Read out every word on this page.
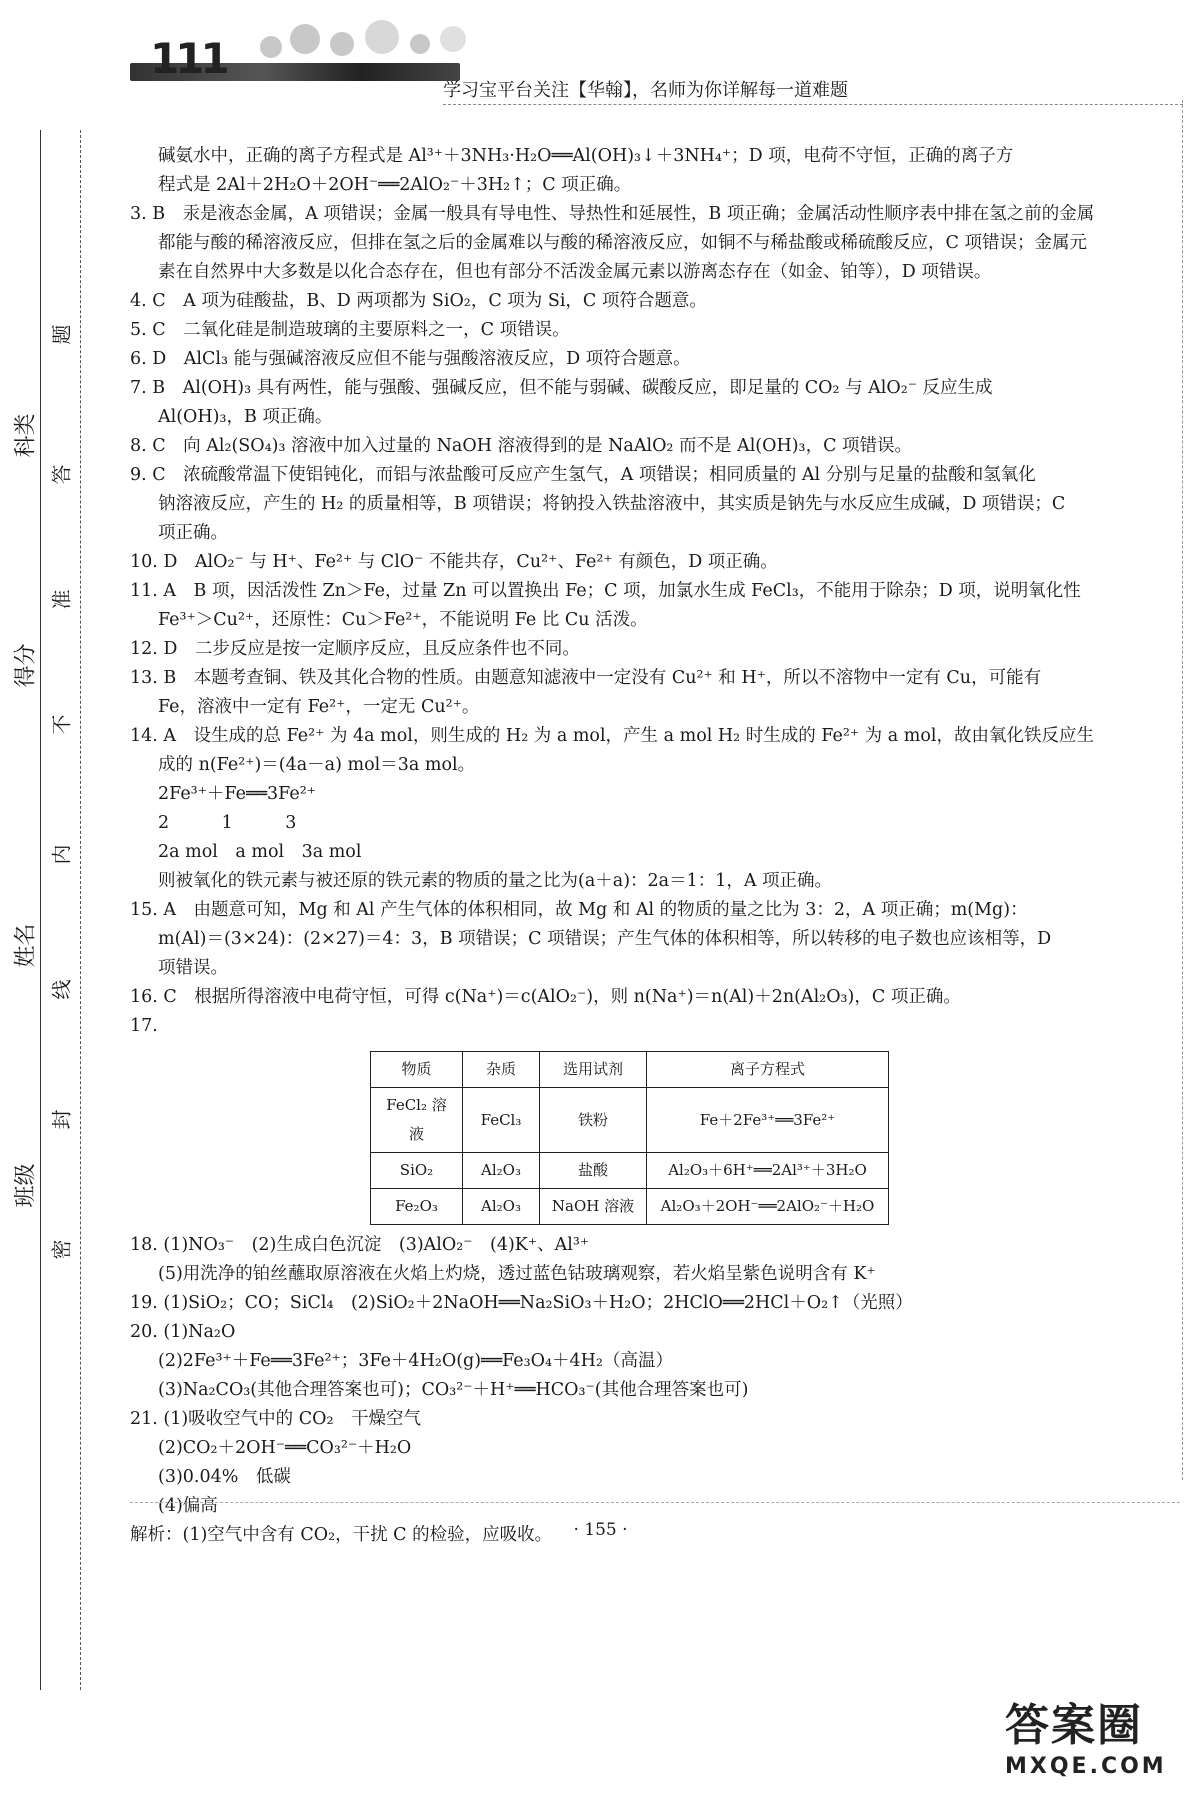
111
学习宝平台关注【华翰】，名师为你详解每一道难题
科类
得分
姓名
班级
题
答
准
不
内
线
封
密

碱氨水中，正确的离子方程式是 Al³⁺＋3NH₃·H₂O══Al(OH)₃↓＋3NH₄⁺；D 项，电荷不守恒，正确的离子方

程式是 2Al＋2H₂O＋2OH⁻══2AlO₂⁻＋3H₂↑；C 项正确。

3. B　汞是液态金属，A 项错误；金属一般具有导电性、导热性和延展性，B 项正确；金属活动性顺序表中排在氢之前的金属

都能与酸的稀溶液反应，但排在氢之后的金属难以与酸的稀溶液反应，如铜不与稀盐酸或稀硫酸反应，C 项错误；金属元

素在自然界中大多数是以化合态存在，但也有部分不活泼金属元素以游离态存在（如金、铂等），D 项错误。

4. C　A 项为硅酸盐，B、D 两项都为 SiO₂，C 项为 Si，C 项符合题意。

5. C　二氧化硅是制造玻璃的主要原料之一，C 项错误。

6. D　AlCl₃ 能与强碱溶液反应但不能与强酸溶液反应，D 项符合题意。

7. B　Al(OH)₃ 具有两性，能与强酸、强碱反应，但不能与弱碱、碳酸反应，即足量的 CO₂ 与 AlO₂⁻ 反应生成

Al(OH)₃，B 项正确。

8. C　向 Al₂(SO₄)₃ 溶液中加入过量的 NaOH 溶液得到的是 NaAlO₂ 而不是 Al(OH)₃，C 项错误。

9. C　浓硫酸常温下使铝钝化，而铝与浓盐酸可反应产生氢气，A 项错误；相同质量的 Al 分别与足量的盐酸和氢氧化

钠溶液反应，产生的 H₂ 的质量相等，B 项错误；将钠投入铁盐溶液中，其实质是钠先与水反应生成碱，D 项错误；C

项正确。

10. D　AlO₂⁻ 与 H⁺、Fe²⁺ 与 ClO⁻ 不能共存，Cu²⁺、Fe²⁺ 有颜色，D 项正确。

11. A　B 项，因活泼性 Zn＞Fe，过量 Zn 可以置换出 Fe；C 项，加氯水生成 FeCl₃，不能用于除杂；D 项，说明氧化性

Fe³⁺＞Cu²⁺，还原性：Cu＞Fe²⁺，不能说明 Fe 比 Cu 活泼。

12. D　二步反应是按一定顺序反应，且反应条件也不同。

13. B　本题考查铜、铁及其化合物的性质。由题意知滤液中一定没有 Cu²⁺ 和 H⁺，所以不溶物中一定有 Cu，可能有

Fe，溶液中一定有 Fe²⁺，一定无 Cu²⁺。

14. A　设生成的总 Fe²⁺ 为 4a mol，则生成的 H₂ 为 a mol，产生 a mol H₂ 时生成的 Fe²⁺ 为 a mol，故由氧化铁反应生

成的 n(Fe²⁺)＝(4a－a) mol＝3a mol。

2Fe³⁺＋Fe══3Fe²⁺

2　　　1　　　3

2a mol　a mol　3a mol

则被氧化的铁元素与被还原的铁元素的物质的量之比为(a＋a)：2a＝1：1，A 项正确。

15. A　由题意可知，Mg 和 Al 产生气体的体积相同，故 Mg 和 Al 的物质的量之比为 3：2，A 项正确；m(Mg)：

m(Al)＝(3×24)：(2×27)＝4：3，B 项错误；C 项错误；产生气体的体积相等，所以转移的电子数也应该相等，D

项错误。

16. C　根据所得溶液中电荷守恒，可得 c(Na⁺)＝c(AlO₂⁻)，则 n(Na⁺)＝n(Al)＋2n(Al₂O₃)，C 项正确。

17.

物质	杂质	选用试剂	离子方程式
FeCl₂ 溶液	FeCl₃	铁粉	Fe＋2Fe³⁺══3Fe²⁺
SiO₂	Al₂O₃	盐酸	Al₂O₃＋6H⁺══2Al³⁺＋3H₂O
Fe₂O₃	Al₂O₃	NaOH 溶液	Al₂O₃＋2OH⁻══2AlO₂⁻＋H₂O

18. (1)NO₃⁻　(2)生成白色沉淀　(3)AlO₂⁻　(4)K⁺、Al³⁺

(5)用洗净的铂丝蘸取原溶液在火焰上灼烧，透过蓝色钴玻璃观察，若火焰呈紫色说明含有 K⁺

19. (1)SiO₂；CO；SiCl₄　(2)SiO₂＋2NaOH══Na₂SiO₃＋H₂O；2HClO══2HCl＋O₂↑（光照）

20. (1)Na₂O

(2)2Fe³⁺＋Fe══3Fe²⁺；3Fe＋4H₂O(g)══Fe₃O₄＋4H₂（高温）

(3)Na₂CO₃(其他合理答案也可)；CO₃²⁻＋H⁺══HCO₃⁻(其他合理答案也可)

21. (1)吸收空气中的 CO₂　干燥空气

(2)CO₂＋2OH⁻══CO₃²⁻＋H₂O

(3)0.04%　低碳

(4)偏高

解析：(1)空气中含有 CO₂，干扰 C 的检验，应吸收。	· 155 ·
答案圈
MXQE.COM
